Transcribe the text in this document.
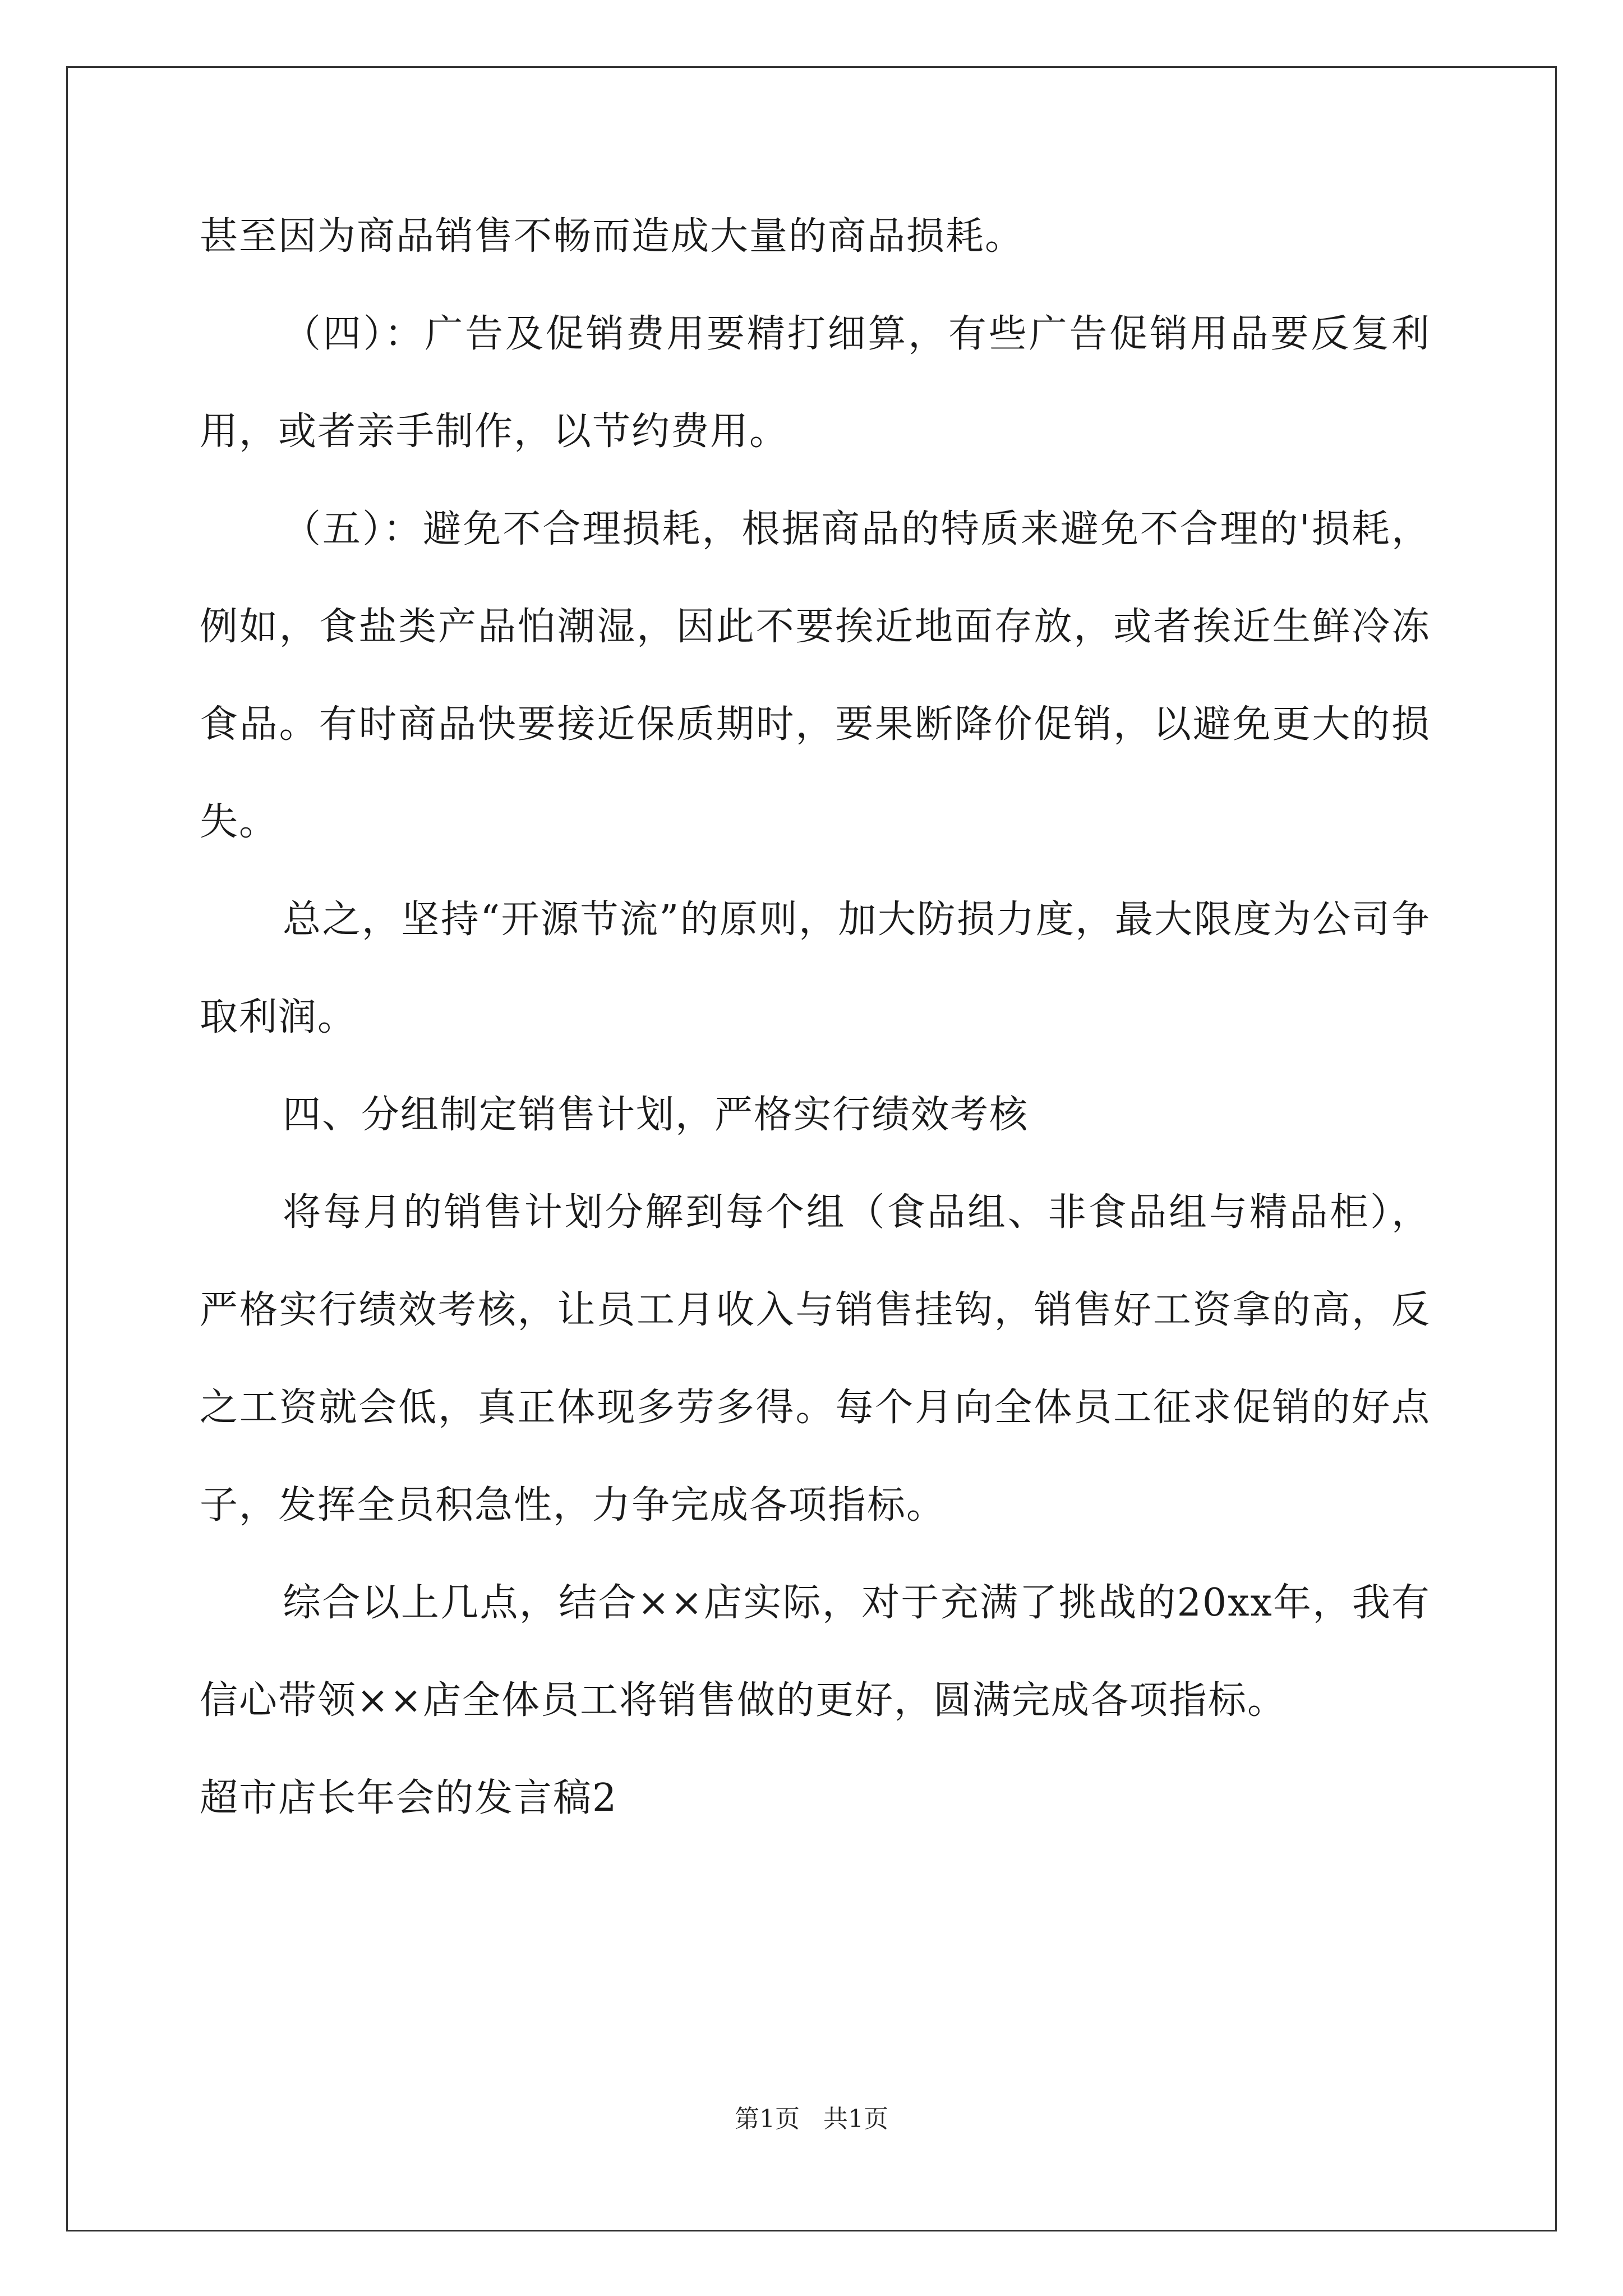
甚至因为商品销售不畅而造成大量的商品损耗。

（四）：广告及促销费用要精打细算，有些广告促销用品要反复利用，或者亲手制作，以节约费用。

（五）：避免不合理损耗，根据商品的特质来避免不合理的'损耗，例如，食盐类产品怕潮湿，因此不要挨近地面存放，或者挨近生鲜冷冻食品。有时商品快要接近保质期时，要果断降价促销，以避免更大的损失。

总之，坚持“开源节流”的原则，加大防损力度，最大限度为公司争取利润。

四、分组制定销售计划，严格实行绩效考核

将每月的销售计划分解到每个组（食品组、非食品组与精品柜），严格实行绩效考核，让员工月收入与销售挂钩，销售好工资拿的高，反之工资就会低，真正体现多劳多得。每个月向全体员工征求促销的好点子，发挥全员积急性，力争完成各项指标。

综合以上几点，结合××店实际，对于充满了挑战的20xx年，我有信心带领××店全体员工将销售做的更好，圆满完成各项指标。

超市店长年会的发言稿2

第1页 共1页
